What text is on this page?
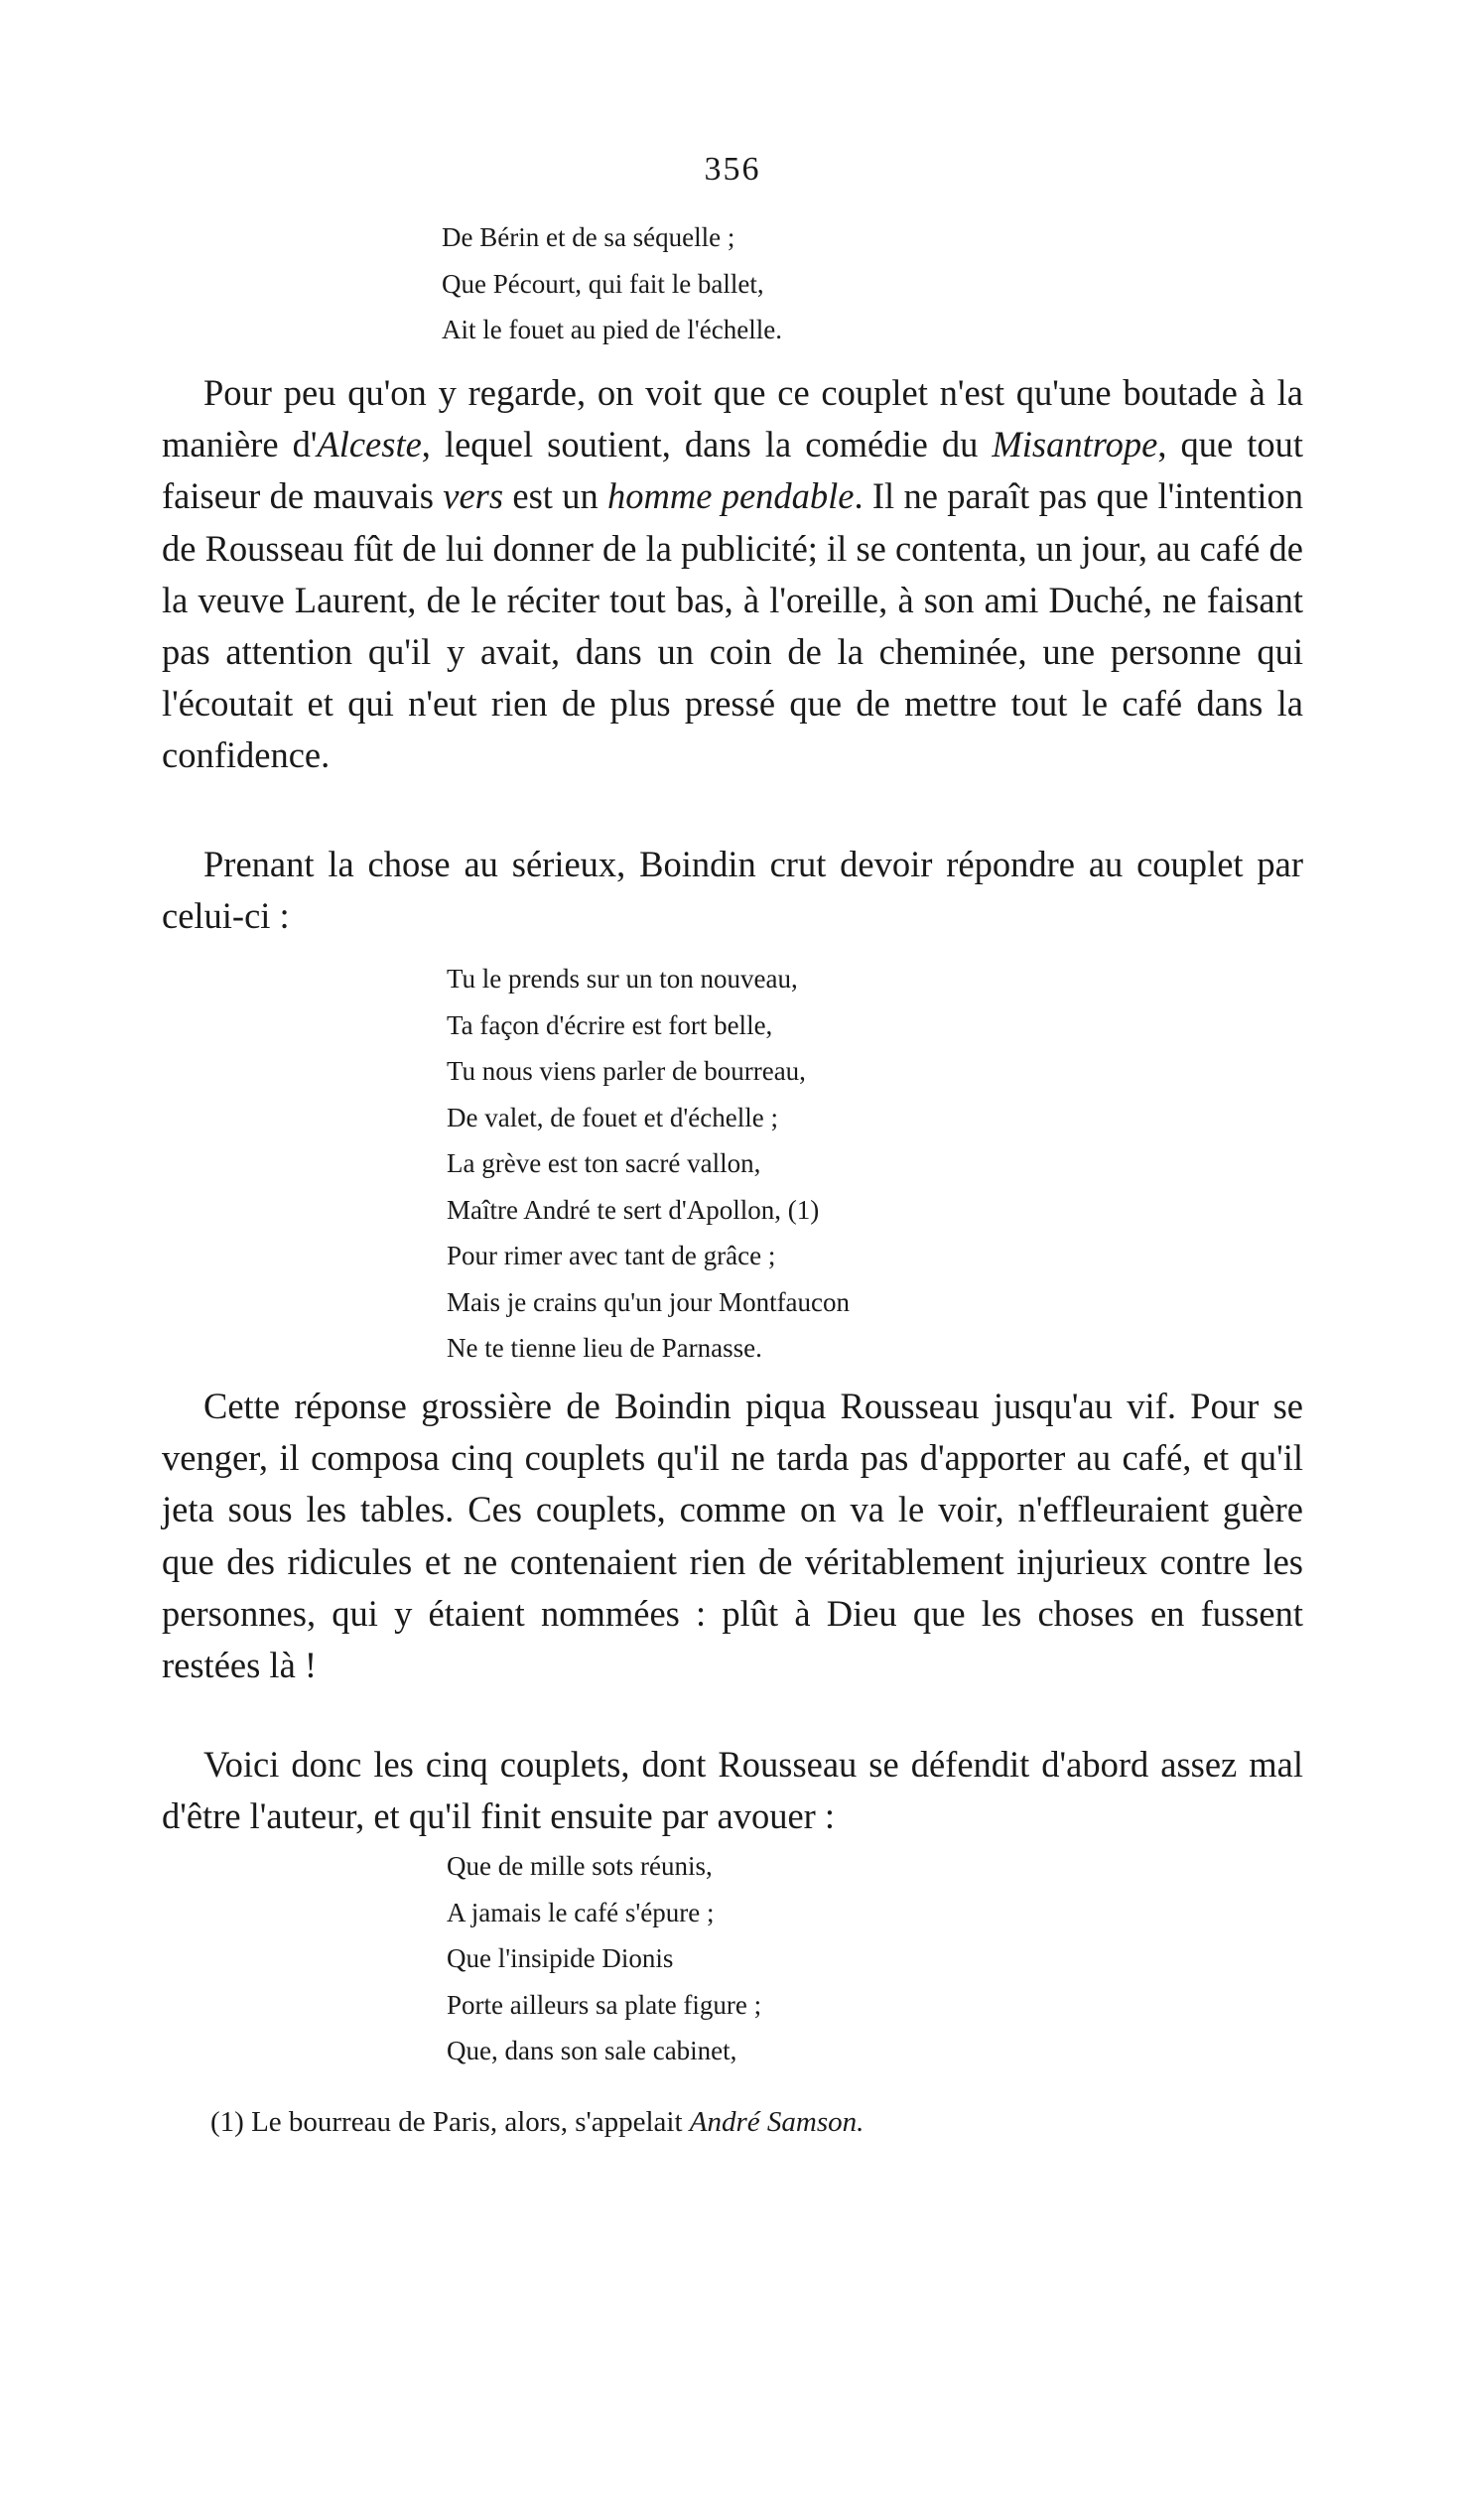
356
De Bérin et de sa séquelle ;
Que Pécourt, qui fait le ballet,
Ait le fouet au pied de l'échelle.

Pour peu qu'on y regarde, on voit que ce couplet n'est qu'une boutade à la manière d'Alceste, lequel soutient, dans la comédie du Misantrope, que tout faiseur de mauvais vers est un homme pendable. Il ne paraît pas que l'intention de Rousseau fût de lui donner de la publicité; il se contenta, un jour, au café de la veuve Laurent, de le réciter tout bas, à l'oreille, à son ami Duché, ne faisant pas attention qu'il y avait, dans un coin de la cheminée, une personne qui l'écoutait et qui n'eut rien de plus pressé que de mettre tout le café dans la confidence.

Prenant la chose au sérieux, Boindin crut devoir répondre au couplet par celui-ci :

Tu le prends sur un ton nouveau,
Ta façon d'écrire est fort belle,
Tu nous viens parler de bourreau,
De valet, de fouet et d'échelle ;
La grève est ton sacré vallon,
Maître André te sert d'Apollon, (1)
Pour rimer avec tant de grâce ;
Mais je crains qu'un jour Montfaucon
Ne te tienne lieu de Parnasse.

Cette réponse grossière de Boindin piqua Rousseau jusqu'au vif. Pour se venger, il composa cinq couplets qu'il ne tarda pas d'apporter au café, et qu'il jeta sous les tables. Ces couplets, comme on va le voir, n'effleuraient guère que des ridicules et ne contenaient rien de véritablement injurieux contre les personnes, qui y étaient nommées : plût à Dieu que les choses en fussent restées là !

Voici donc les cinq couplets, dont Rousseau se défendit d'abord assez mal d'être l'auteur, et qu'il finit ensuite par avouer :

Que de mille sots réunis,
A jamais le café s'épure ;
Que l'insipide Dionis
Porte ailleurs sa plate figure ;
Que, dans son sale cabinet,
(1) Le bourreau de Paris, alors, s'appelait André Samson.
